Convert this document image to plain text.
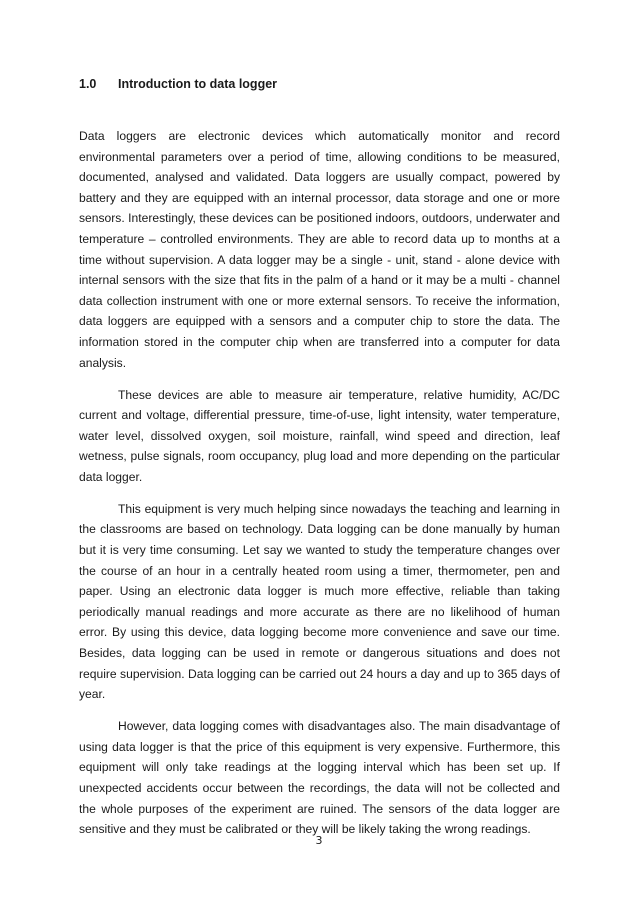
1.0 Introduction to data logger

Data loggers are electronic devices which automatically monitor and record environmental parameters over a period of time, allowing conditions to be measured, documented, analysed and validated. Data loggers are usually compact, powered by battery and they are equipped with an internal processor, data storage and one or more sensors. Interestingly, these devices can be positioned indoors, outdoors, underwater and temperature – controlled environments. They are able to record data up to months at a time without supervision. A data logger may be a single - unit, stand - alone device with internal sensors with the size that fits in the palm of a hand or it may be a multi - channel data collection instrument with one or more external sensors. To receive the information, data loggers are equipped with a sensors and a computer chip to store the data. The information stored in the computer chip when are transferred into a computer for data analysis.

These devices are able to measure air temperature, relative humidity, AC/DC current and voltage, differential pressure, time-of-use, light intensity, water temperature, water level, dissolved oxygen, soil moisture, rainfall, wind speed and direction, leaf wetness, pulse signals, room occupancy, plug load and more depending on the particular data logger.

This equipment is very much helping since nowadays the teaching and learning in the classrooms are based on technology. Data logging can be done manually by human but it is very time consuming. Let say we wanted to study the temperature changes over the course of an hour in a centrally heated room using a timer, thermometer, pen and paper. Using an electronic data logger is much more effective, reliable than taking periodically manual readings and more accurate as there are no likelihood of human error. By using this device, data logging become more convenience and save our time. Besides, data logging can be used in remote or dangerous situations and does not require supervision. Data logging can be carried out 24 hours a day and up to 365 days of year.

However, data logging comes with disadvantages also. The main disadvantage of using data logger is that the price of this equipment is very expensive. Furthermore, this equipment will only take readings at the logging interval which has been set up. If unexpected accidents occur between the recordings, the data will not be collected and the whole purposes of the experiment are ruined. The sensors of the data logger are sensitive and they must be calibrated or they will be likely taking the wrong readings.

3
